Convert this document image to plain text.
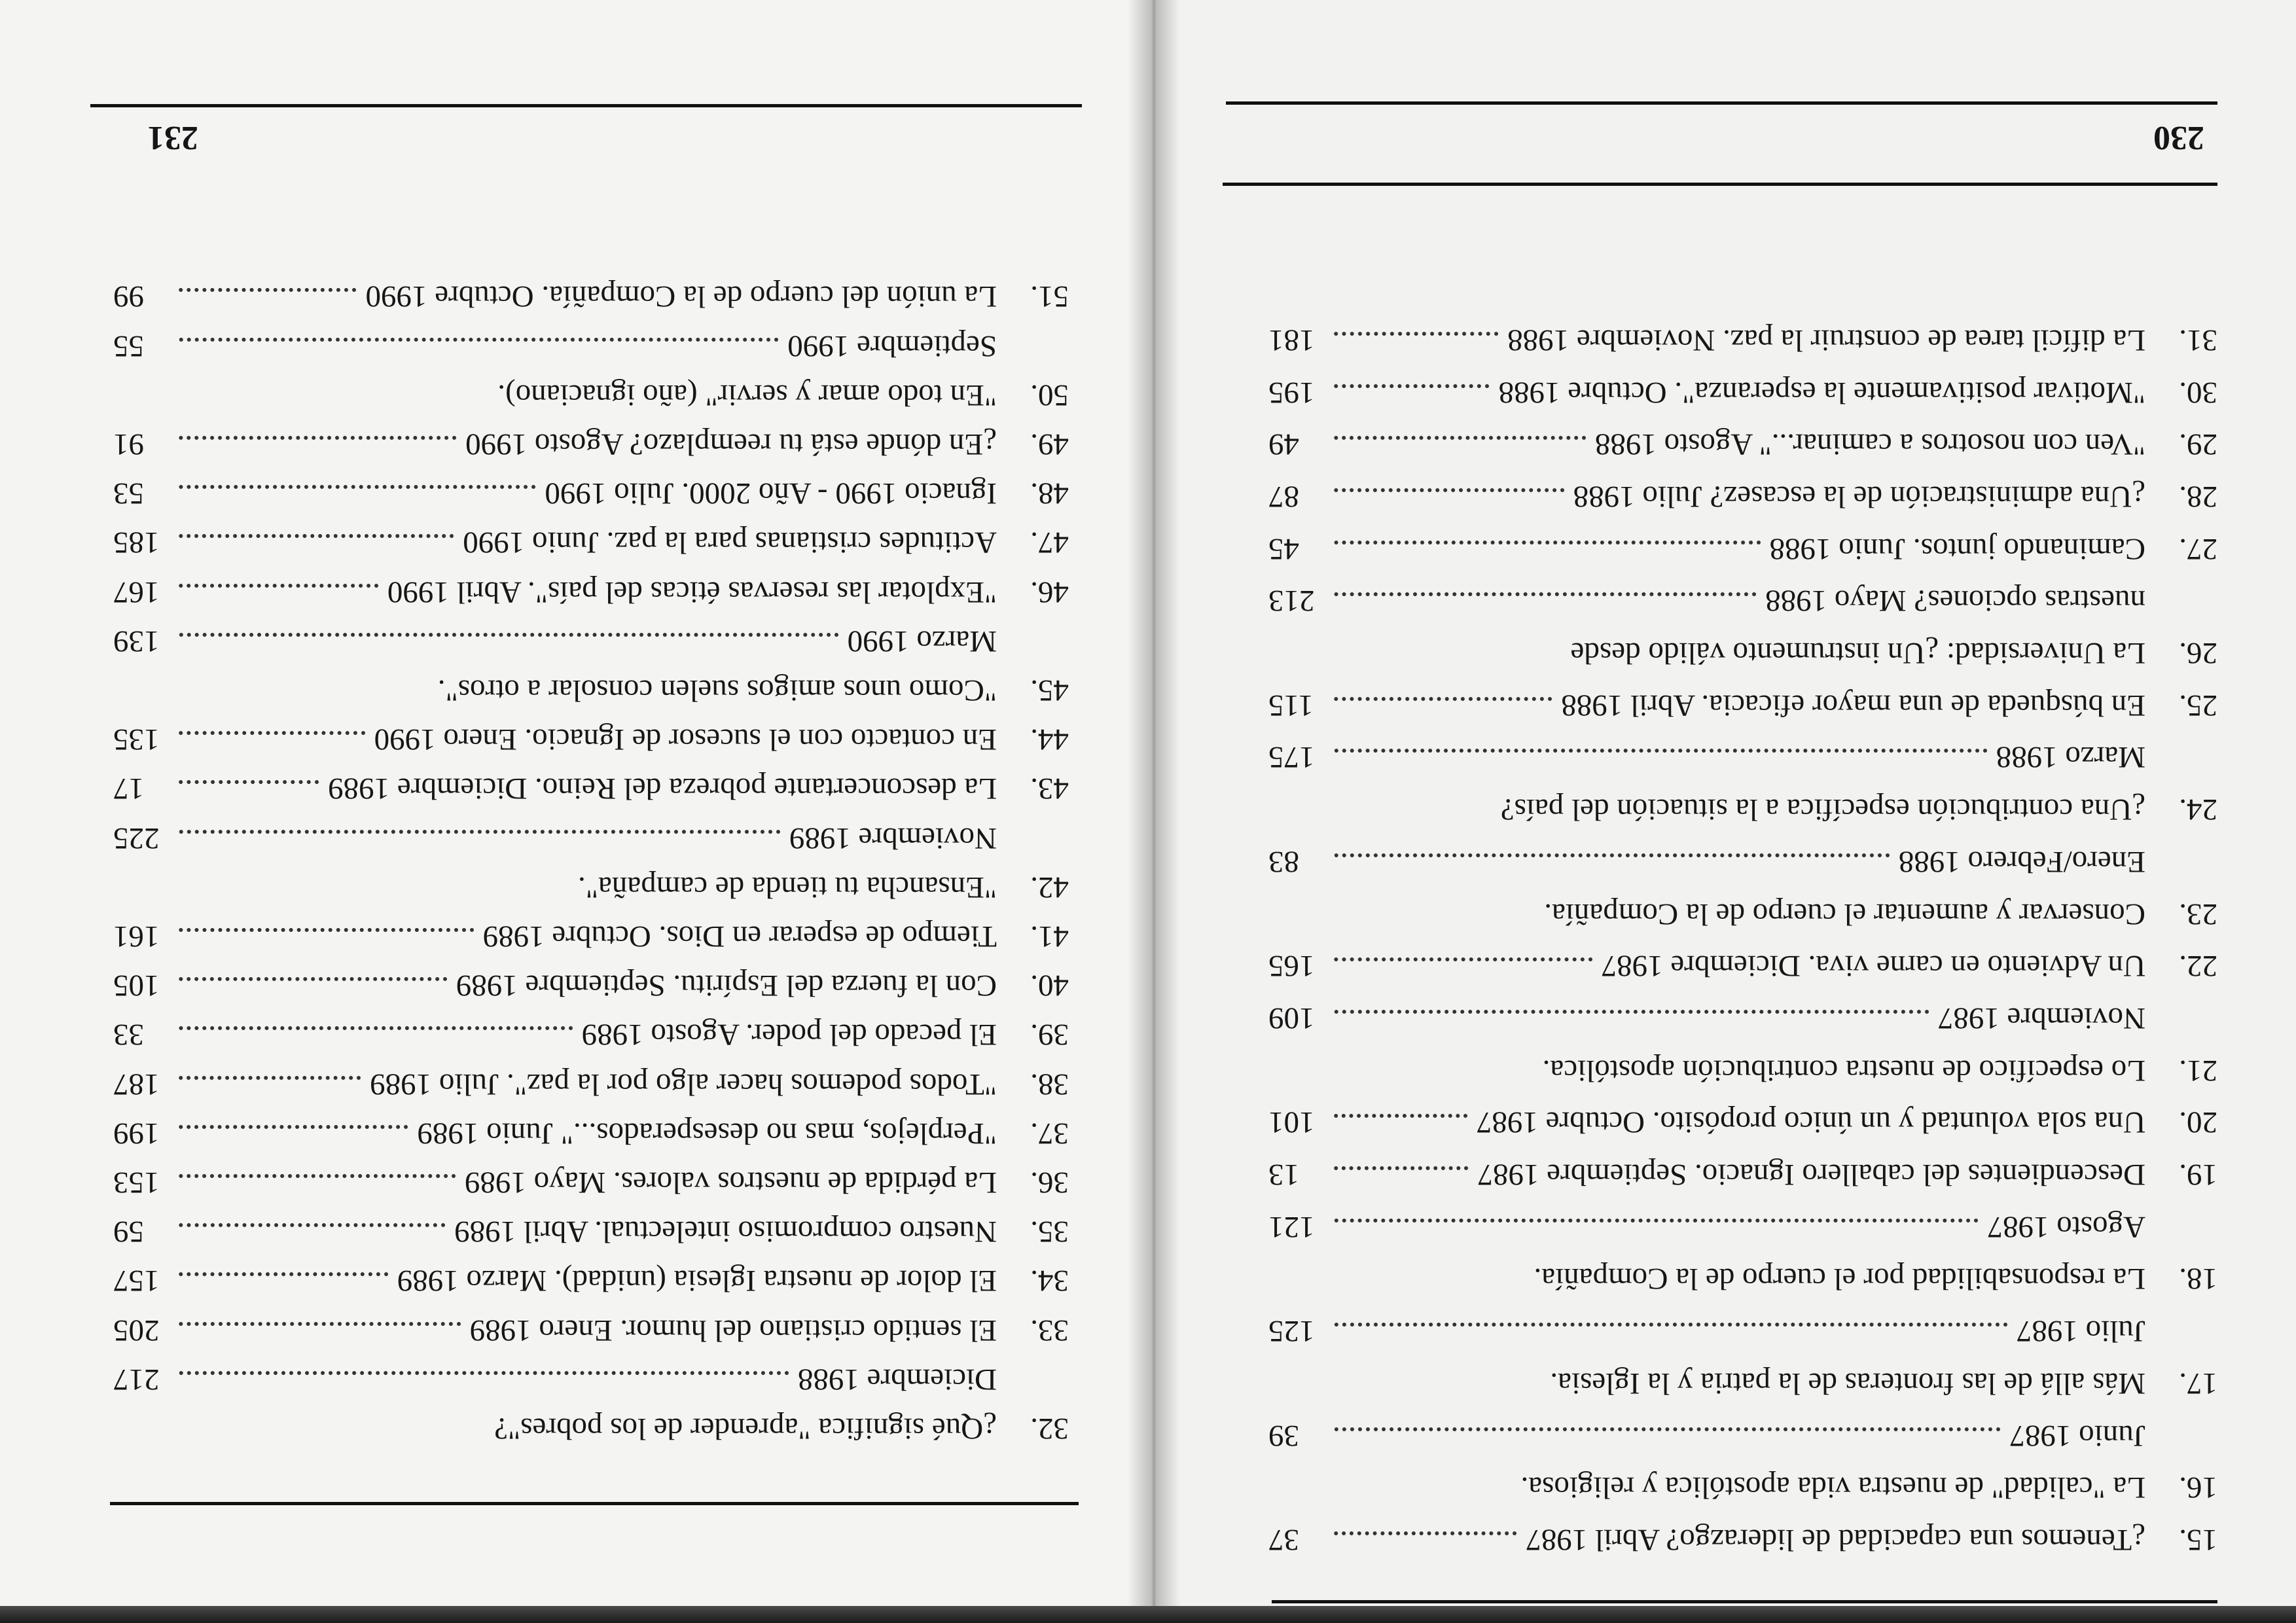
230
15.
¿Tenemos una capacidad de liderazgo? Abril 1987
37
16.
La "calidad" de nuestra vida apostólica y religiosa.
Junio 1987
39
17.
Más allá de las fronteras de la patria y la Iglesia.
Julio 1987
125
18.
La responsabilidad por el cuerpo de la Compañía.
Agosto 1987
121
19.
Descendientes del caballero Ignacio. Septiembre 1987
13
20.
Una sola voluntad y un único propósito. Octubre 1987
101
21.
Lo específico de nuestra contribución apostólica.
Noviembre 1987
109
22.
Un Adviento en carne viva. Diciembre 1987
165
23.
Conservar y aumentar el cuerpo de la Compañía.
Enero/Febrero 1988
83
24.
¿Una contribución específica a la situación del país?
Marzo 1988
175
25.
En búsqueda de una mayor eficacia. Abril 1988
115
26.
La Universidad: ¿Un instrumento válido desde
nuestras opciones? Mayo 1988
213
27.
Caminando juntos. Junio 1988
45
28.
¿Una administración de la escasez? Julio 1988
87
29.
"Ven con nosotros a caminar..." Agosto 1988
49
30.
"Motivar positivamente la esperanza". Octubre 1988
195
31.
La difícil tarea de construir la paz. Noviembre 1988
181
231
32.
¿Qué significa "aprender de los pobres"?
Diciembre 1988
217
33.
El sentido cristiano del humor. Enero 1989
205
34.
El dolor de nuestra Iglesia (unidad). Marzo 1989
157
35.
Nuestro compromiso intelectual. Abril 1989
59
36.
La pérdida de nuestros valores. Mayo 1989
153
37.
"Perplejos, mas no desesperados..." Junio 1989
199
38.
"Todos podemos hacer algo por la paz". Julio 1989
187
39.
El pecado del poder. Agosto 1989
33
40.
Con la fuerza del Espíritu. Septiembre 1989
105
41.
Tiempo de esperar en Dios. Octubre 1989
161
42.
"Ensancha tu tienda de campaña".
Noviembre 1989
225
43.
La desconcertante pobreza del Reino. Diciembre 1989
17
44.
En contacto con el sucesor de Ignacio. Enero 1990
135
45.
"Como unos amigos suelen consolar a otros".
Marzo 1990
139
46.
"Explotar las reservas éticas del país". Abril 1990
167
47.
Actitudes cristianas para la paz. Junio 1990
185
48.
Ignacio 1990 - Año 2000. Julio 1990
53
49.
¿En dónde está tu reemplazo? Agosto 1990
91
50.
"En todo amar y servir" (año ignaciano).
Septiembre 1990
55
51.
La unión del cuerpo de la Compañía. Octubre 1990
99
